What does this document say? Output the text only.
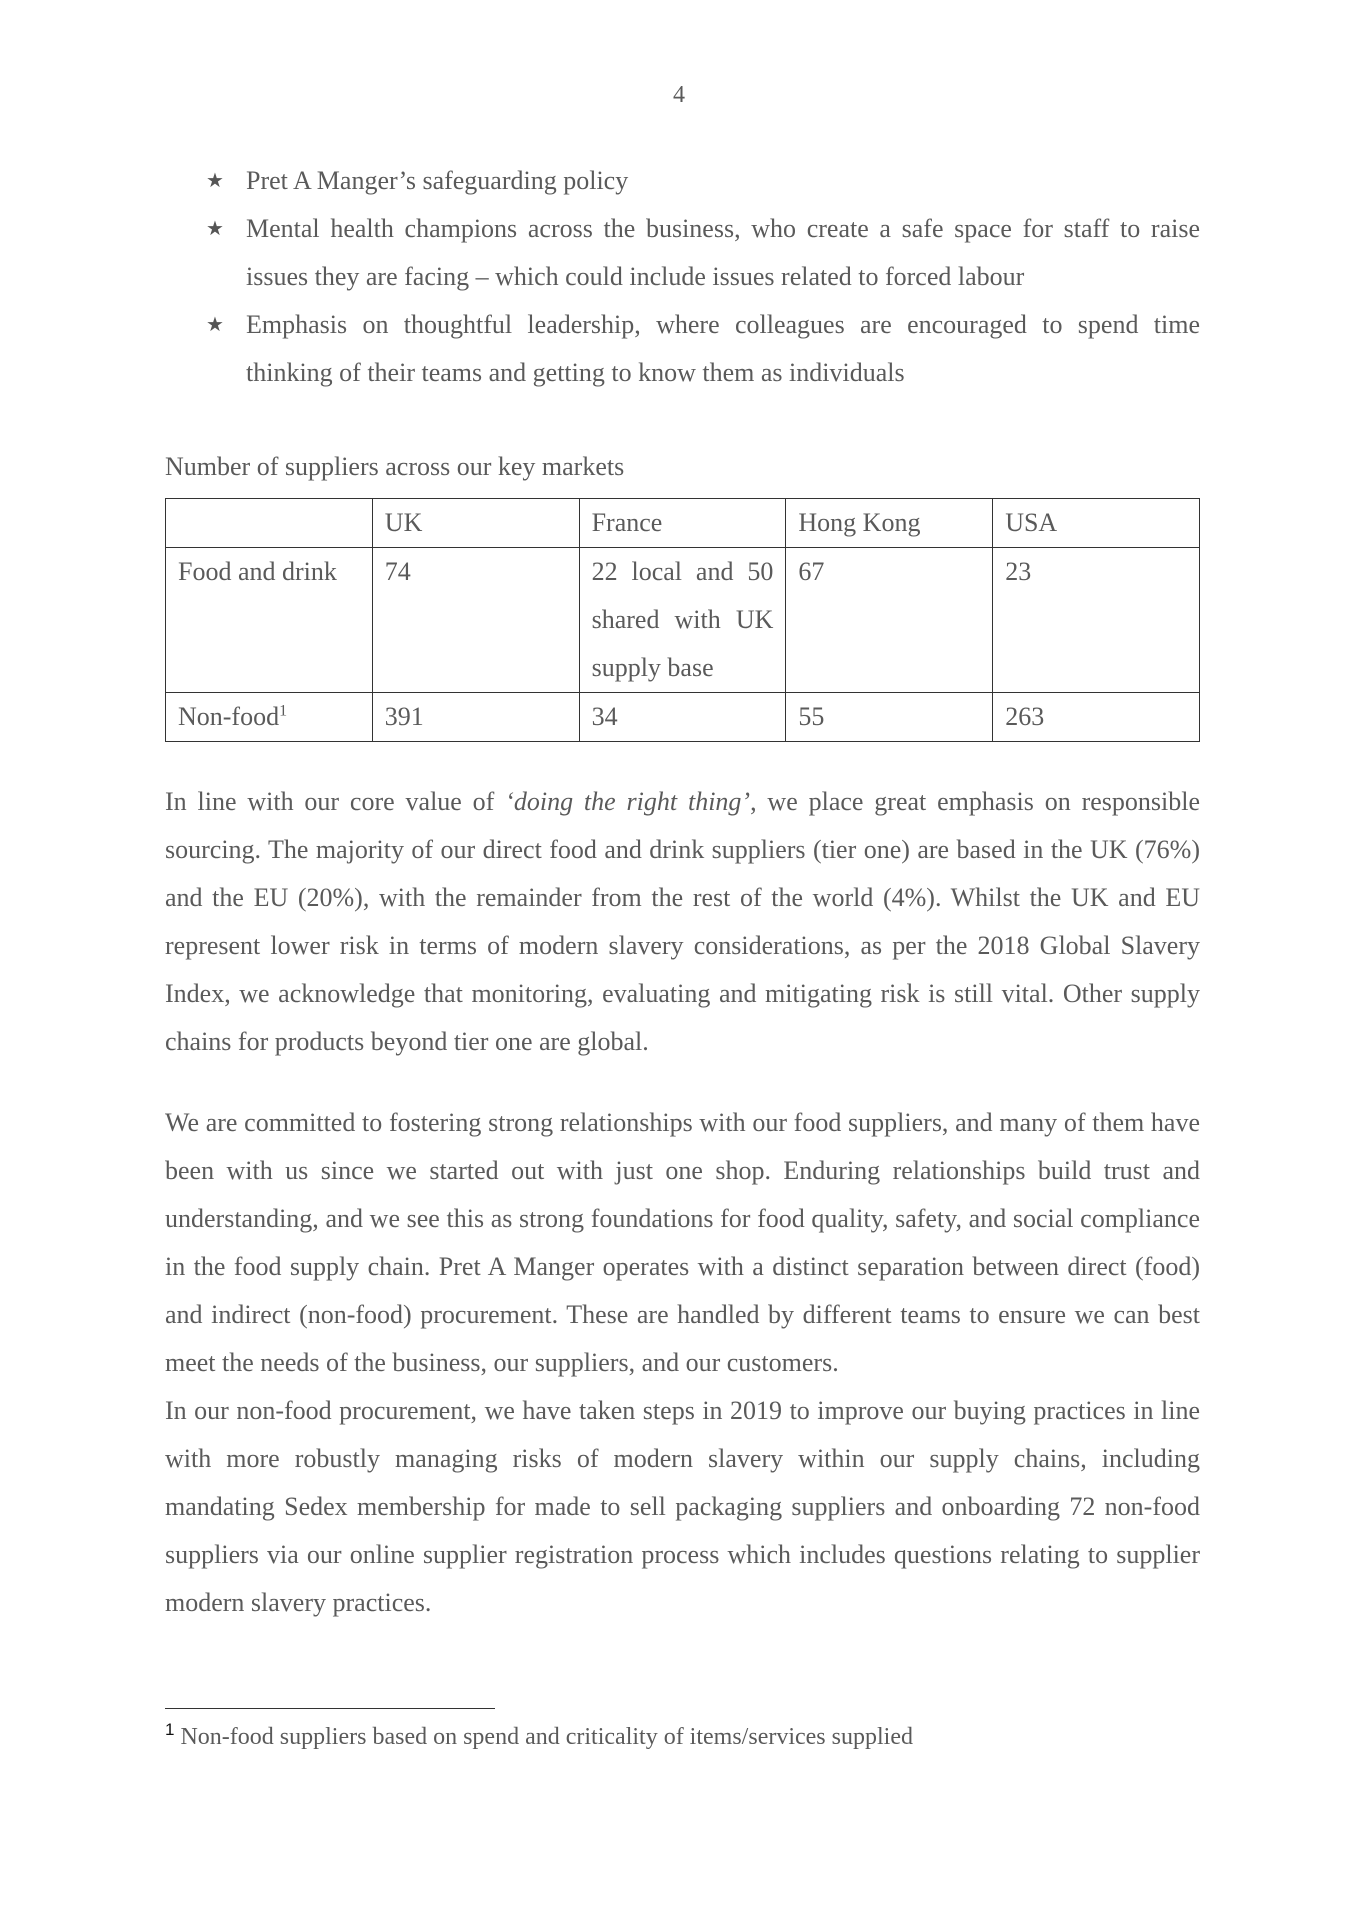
4
★ Pret A Manger’s safeguarding policy
★ Mental health champions across the business, who create a safe space for staff to raise issues they are facing – which could include issues related to forced labour
★ Emphasis on thoughtful leadership, where colleagues are encouraged to spend time thinking of their teams and getting to know them as individuals
Number of suppliers across our key markets
	UK	France	Hong Kong	USA
Food and drink	74	22 local and 50 shared with UK supply base	67	23
Non-food$^1$	391	34	55	263

In line with our core value of ‘doing the right thing’, we place great emphasis on responsible sourcing. The majority of our direct food and drink suppliers (tier one) are based in the UK (76%) and the EU (20%), with the remainder from the rest of the world (4%). Whilst the UK and EU represent lower risk in terms of modern slavery considerations, as per the 2018 Global Slavery Index, we acknowledge that monitoring, evaluating and mitigating risk is still vital. Other supply chains for products beyond tier one are global.

We are committed to fostering strong relationships with our food suppliers, and many of them have been with us since we started out with just one shop. Enduring relationships build trust and understanding, and we see this as strong foundations for food quality, safety, and social compliance in the food supply chain. Pret A Manger operates with a distinct separation between direct (food) and indirect (non-food) procurement. These are handled by different teams to ensure we can best meet the needs of the business, our suppliers, and our customers.

In our non-food procurement, we have taken steps in 2019 to improve our buying practices in line with more robustly managing risks of modern slavery within our supply chains, including mandating Sedex membership for made to sell packaging suppliers and onboarding 72 non-food suppliers via our online supplier registration process which includes questions relating to supplier modern slavery practices.

$^1$ Non-food suppliers based on spend and criticality of items/services supplied
